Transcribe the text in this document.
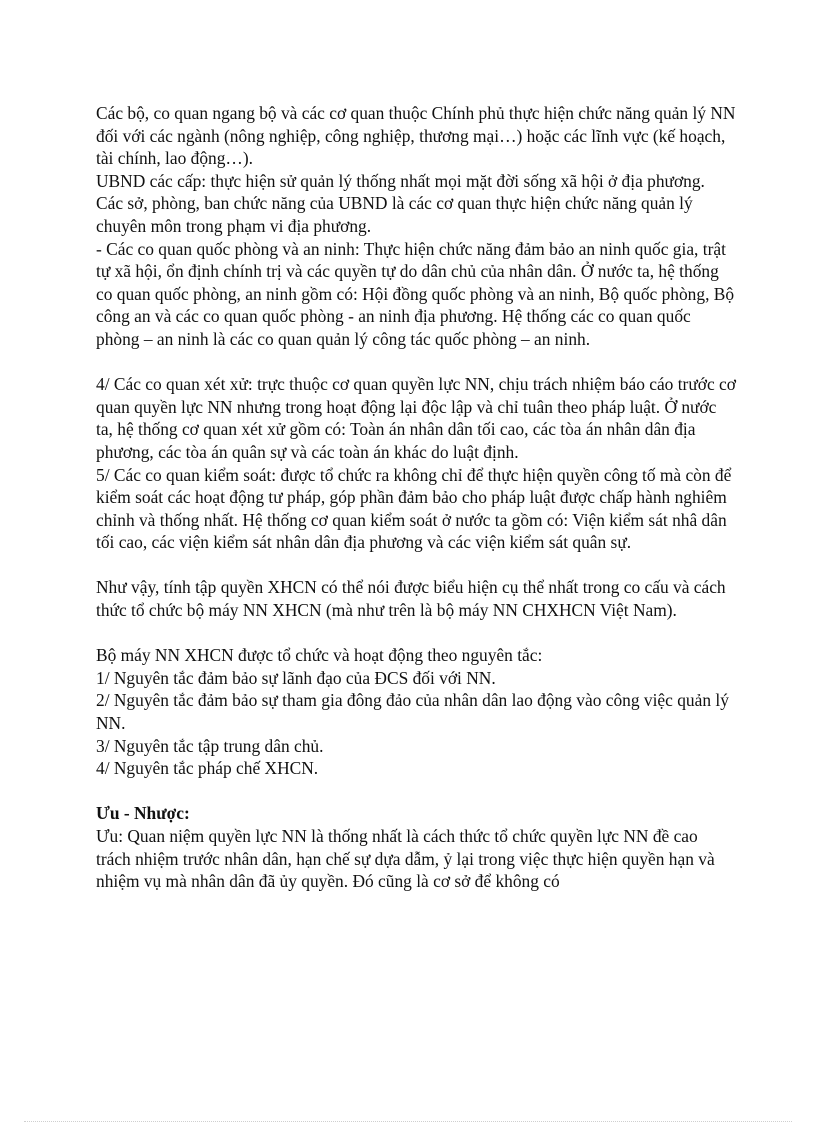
Các bộ, co quan ngang bộ và các cơ quan thuộc Chính phủ thực hiện chức năng quản lý NN đối với các ngành (nông nghiệp, công nghiệp, thương mại…) hoặc các lĩnh vực (kế hoạch, tài chính, lao động…).

UBND các cấp: thực hiện sử quản lý thống nhất mọi mặt đời sống xã hội ở địa phương.

Các sở, phòng, ban chức năng của UBND là các cơ quan thực hiện chức năng quản lý chuyên môn trong phạm vi địa phương.

- Các co quan quốc phòng và an ninh: Thực hiện chức năng đảm bảo an ninh quốc gia, trật tự xã hội, ổn định chính trị và các quyền tự do dân chủ của nhân dân. Ở nước ta, hệ thống co quan quốc phòng, an ninh gồm có: Hội đồng quốc phòng và an ninh, Bộ quốc phòng, Bộ công an và các co quan quốc phòng - an ninh địa phương. Hệ thống các co quan quốc phòng – an ninh là các co quan quản lý công tác quốc phòng – an ninh.

4/ Các co quan xét xử: trực thuộc cơ quan quyền lực NN, chịu trách nhiệm báo cáo trước cơ quan quyền lực NN nhưng trong hoạt động lại độc lập và chỉ tuân theo pháp luật. Ở nước ta, hệ thống cơ quan xét xử gồm có: Toàn án nhân dân tối cao, các tòa án nhân dân địa phương, các tòa án quân sự và các toàn án khác do luật định.

5/ Các co quan kiểm soát: được tổ chức ra không chỉ để thực hiện quyền công tố mà còn để kiểm soát các hoạt động tư pháp, góp phần đảm bảo cho pháp luật được chấp hành nghiêm chỉnh và thống nhất. Hệ thống cơ quan kiểm soát ở nước ta gồm có: Viện kiểm sát nhâ dân tối cao, các viện kiểm sát nhân dân địa phương và các viện kiểm sát quân sự.

Như vậy, tính tập quyền XHCN có thể nói được biểu hiện cụ thể nhất trong co cấu và cách thức tổ chức bộ máy NN XHCN (mà như trên là bộ máy NN CHXHCN Việt Nam).

Bộ máy NN XHCN được tổ chức và hoạt động theo nguyên tắc:

1/ Nguyên tắc đảm bảo sự lãnh đạo của ĐCS đối với NN.

2/ Nguyên tắc đảm bảo sự tham gia đông đảo của nhân dân lao động vào công việc quản lý NN.

3/ Nguyên tắc tập trung dân chủ.

4/ Nguyên tắc pháp chế XHCN.

Ưu - Nhược:

Ưu: Quan niệm quyền lực NN là thống nhất là cách thức tổ chức quyền lực NN đề cao trách nhiệm trước nhân dân, hạn chế sự dựa dẫm, ỷ lại trong việc thực hiện quyền hạn và nhiệm vụ mà nhân dân đã ủy quyền. Đó cũng là cơ sở để không có
